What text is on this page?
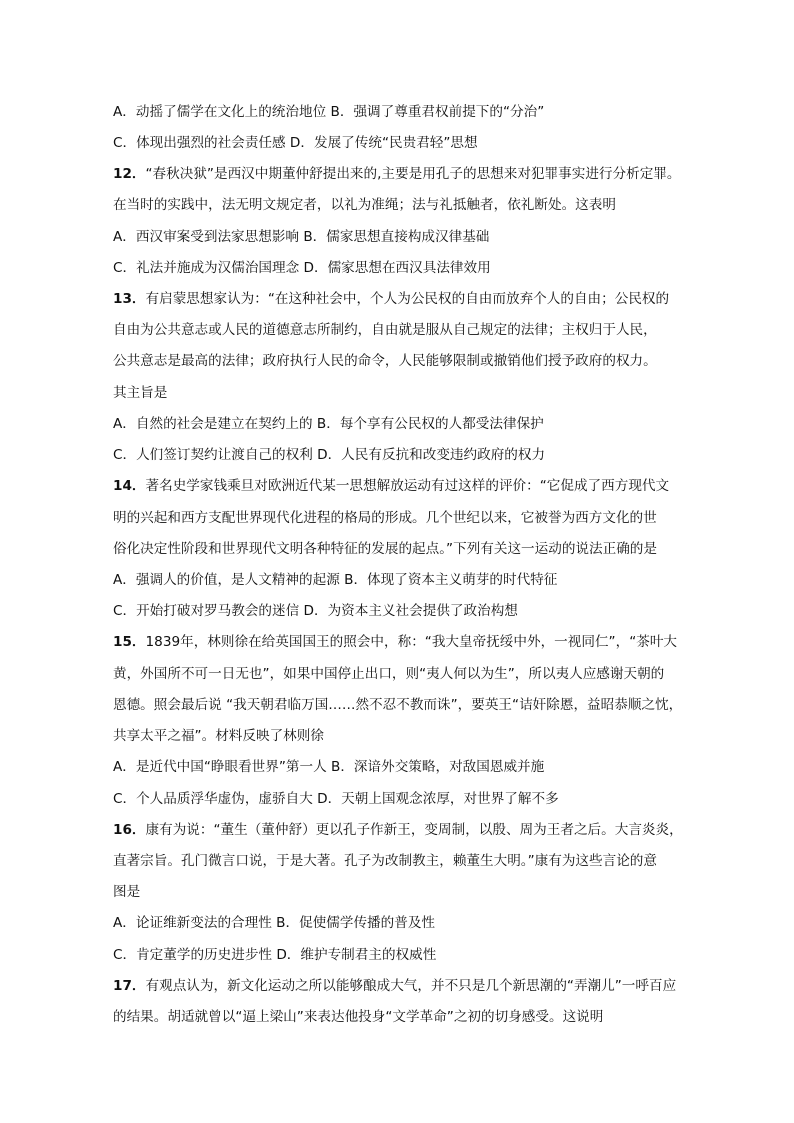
A．动摇了儒学在文化上的统治地位 B．强调了尊重君权前提下的“分治”
C．体现出强烈的社会责任感 D．发展了传统“民贵君轻”思想
12．“春秋决狱”是西汉中期董仲舒提出来的,主要是用孔子的思想来对犯罪事实进行分析定罪。
在当时的实践中，法无明文规定者，以礼为准绳；法与礼抵触者，依礼断处。这表明
A．西汉审案受到法家思想影响 B．儒家思想直接构成汉律基础
C．礼法并施成为汉儒治国理念 D．儒家思想在西汉具法律效用
13．有启蒙思想家认为：“在这种社会中，个人为公民权的自由而放弃个人的自由；公民权的
自由为公共意志或人民的道德意志所制约，自由就是服从自己规定的法律；主权归于人民，
公共意志是最高的法律；政府执行人民的命令，人民能够限制或撤销他们授予政府的权力。
其主旨是
A．自然的社会是建立在契约上的 B．每个享有公民权的人都受法律保护
C．人们签订契约让渡自己的权利 D．人民有反抗和改变违约政府的权力
14．著名史学家钱乘旦对欧洲近代某一思想解放运动有过这样的评价：“它促成了西方现代文
明的兴起和西方支配世界现代化进程的格局的形成。几个世纪以来，它被誉为西方文化的世
俗化决定性阶段和世界现代文明各种特征的发展的起点。”下列有关这一运动的说法正确的是
A．强调人的价值，是人文精神的起源 B．体现了资本主义萌芽的时代特征
C．开始打破对罗马教会的迷信 D．为资本主义社会提供了政治构想
15．1839年，林则徐在给英国国王的照会中，称：“我大皇帝抚绥中外，一视同仁”，“茶叶大
黄，外国所不可一日无也”，如果中国停止出口，则“夷人何以为生”，所以夷人应感谢天朝的
恩德。照会最后说 “我天朝君临万国……然不忍不教而诛”，要英王“诘奸除慝，益昭恭顺之忱，
共享太平之福”。材料反映了林则徐
A．是近代中国“睁眼看世界”第一人 B．深谙外交策略，对敌国恩威并施
C．个人品质浮华虚伪，虚骄自大 D．天朝上国观念浓厚，对世界了解不多
16．康有为说：“董生（董仲舒）更以孔子作新王，变周制，以殷、周为王者之后。大言炎炎，
直著宗旨。孔门微言口说，于是大著。孔子为改制教主，赖董生大明。”康有为这些言论的意
图是
A．论证维新变法的合理性 B．促使儒学传播的普及性
C．肯定董学的历史进步性 D．维护专制君主的权威性
17．有观点认为，新文化运动之所以能够酿成大气，并不只是几个新思潮的“弄潮儿”一呼百应
的结果。胡适就曾以“逼上梁山”来表达他投身“文学革命”之初的切身感受。这说明
